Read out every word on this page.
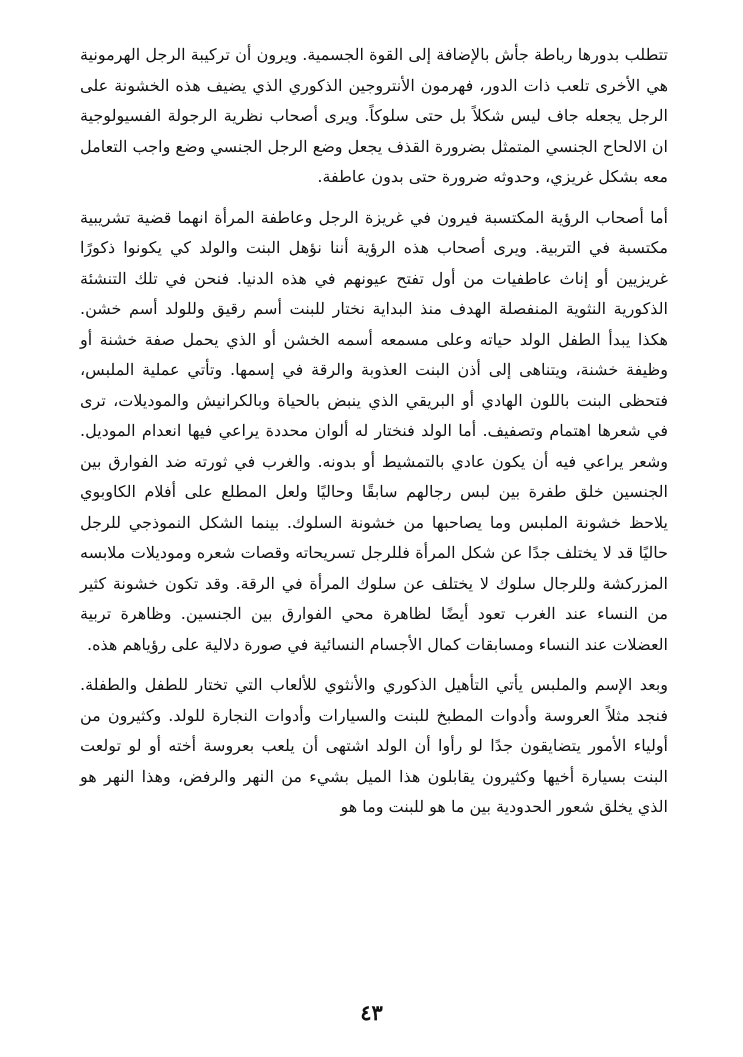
تتطلب بدورها رباطة جأش بالإضافة إلى القوة الجسمية. ويرون أن تركيبة الرجل الهرمونية هي الأخرى تلعب ذات الدور، فهرمون الأنتروجين الذكوري الذي يضيف هذه الخشونة على الرجل يجعله جاف ليس شكلاً بل حتى سلوكاً. ويرى أصحاب نظرية الرجولة الفسيولوجية ان الالحاح الجنسي المتمثل بضرورة القذف يجعل وضع الرجل الجنسي وضع واجب التعامل معه بشكل غريزي، وحدوثه ضرورة حتى بدون عاطفة.

أما أصحاب الرؤية المكتسبة فيرون في غريزة الرجل وعاطفة المرأة انهما قضية تشريبية مكتسبة في التربية. ويرى أصحاب هذه الرؤية أننا نؤهل البنت والولد كي يكونوا ذكورًا غريزيين أو إناث عاطفيات من أول تفتح عيونهم في هذه الدنيا. فنحن في تلك التنشئة الذكورية النثوية المنفصلة الهدف منذ البداية نختار للبنت أسم رقيق وللولد أسم خشن. هكذا يبدأ الطفل الولد حياته وعلى مسمعه أسمه الخشن أو الذي يحمل صفة خشنة أو وظيفة خشنة، ويتناهى إلى أذن البنت العذوبة والرقة في إسمها. وتأتي عملية الملبس، فتحظى البنت باللون الهادي أو البريقي الذي ينبض بالحياة وبالكرانيش والموديلات، ترى في شعرها اهتمام وتصفيف. أما الولد فنختار له ألوان محددة يراعي فيها انعدام الموديل. وشعر يراعي فيه أن يكون عادي بالتمشيط أو بدونه. والغرب في ثورته ضد الفوارق بين الجنسين خلق طفرة بين لبس رجالهم سابقًا وحاليًا ولعل المطلع على أفلام الكاوبوي يلاحظ خشونة الملبس وما يصاحبها من خشونة السلوك. بينما الشكل النموذجي للرجل حاليًا قد لا يختلف جدًا عن شكل المرأة فللرجل تسريحاته وقصات شعره وموديلات ملابسه المزركشة وللرجال سلوك لا يختلف عن سلوك المرأة في الرقة. وقد تكون خشونة كثير من النساء عند الغرب تعود أيضًا لظاهرة محي الفوارق بين الجنسين. وظاهرة تربية العضلات عند النساء ومسابقات كمال الأجسام النسائية في صورة دلالية على رؤياهم هذه.

وبعد الإسم والملبس يأتي التأهيل الذكوري والأنثوي للألعاب التي تختار للطفل والطفلة. فنجد مثلاً العروسة وأدوات المطبخ للبنت والسيارات وأدوات النجارة للولد. وكثيرون من أولياء الأمور يتضايقون جدًا لو رأوا أن الولد اشتهى أن يلعب بعروسة أخته أو لو تولعت البنت بسيارة أخيها وكثيرون يقابلون هذا الميل بشيء من النهر والرفض، وهذا النهر هو الذي يخلق شعور الحدودية بين ما هو للبنت وما هو

٤٣
